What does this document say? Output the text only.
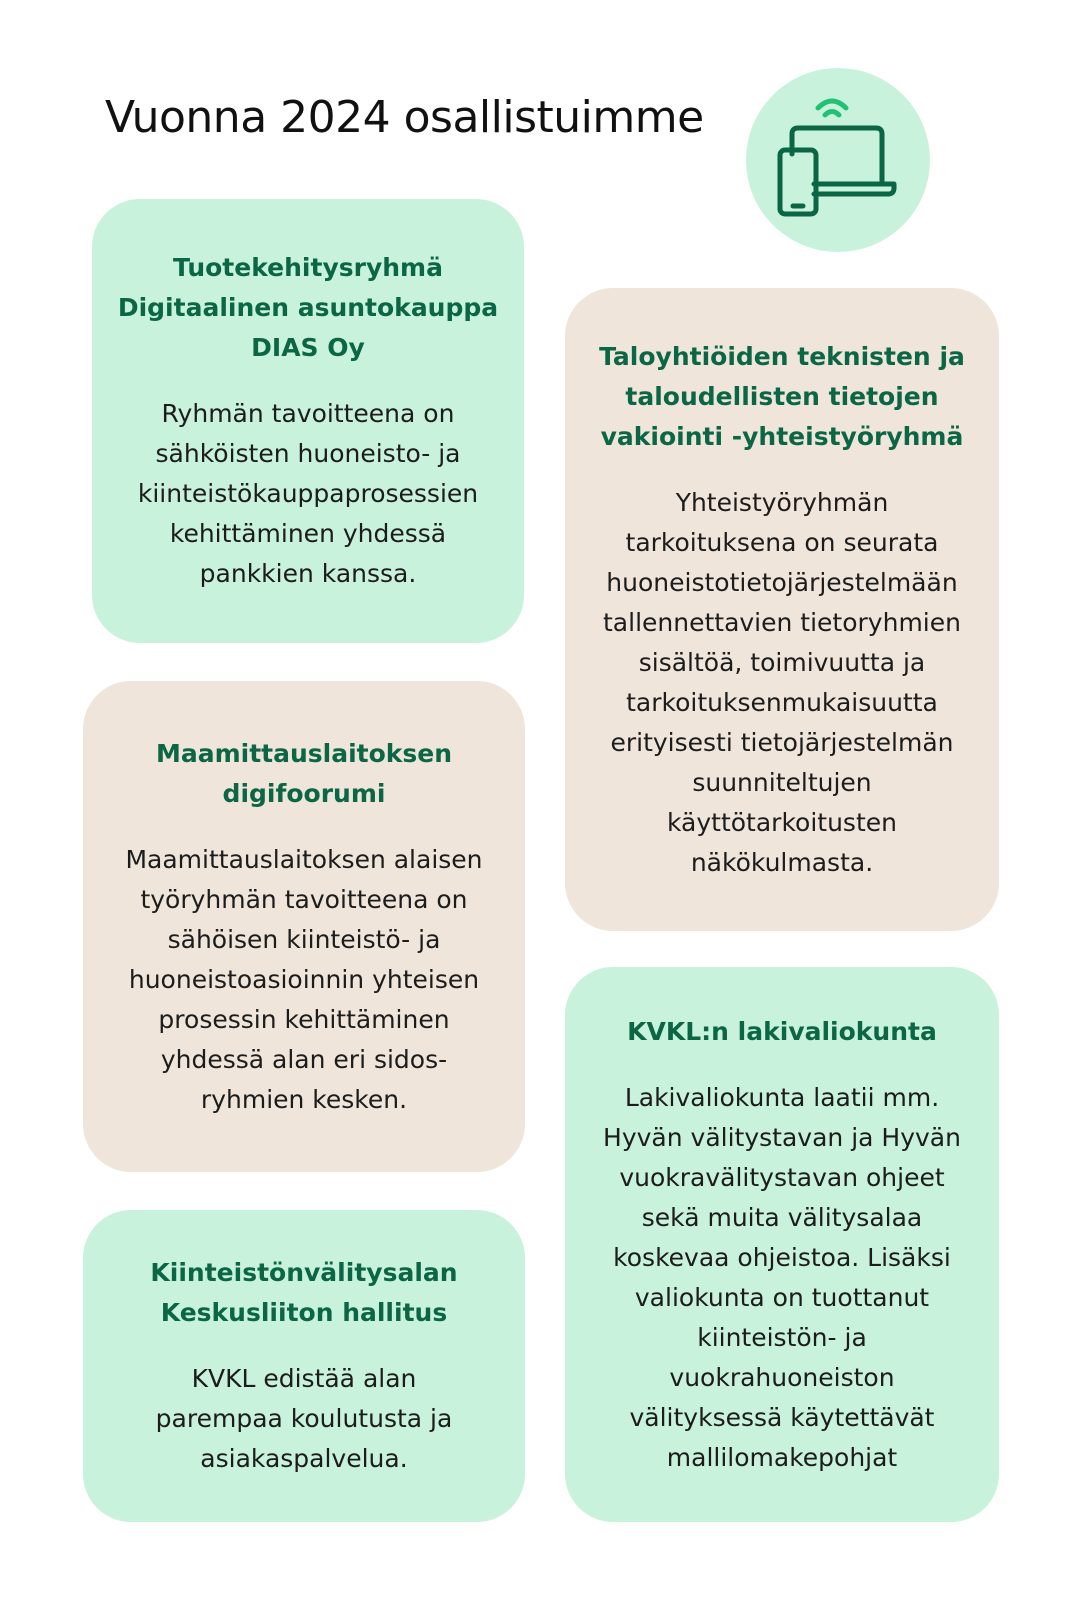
Vuonna 2024 osallistuimme
Tuotekehitysryhmä
Digitaalinen asuntokauppa
DIAS Oy

Ryhmän tavoitteena on
sähköisten huoneisto- ja
kiinteistökauppaprosessien
kehittäminen yhdessä
pankkien kanssa.

Maamittauslaitoksen
digifoorumi

Maamittauslaitoksen alaisen
työryhmän tavoitteena on
sähöisen kiinteistö- ja
huoneistoasioinnin yhteisen
prosessin kehittäminen
yhdessä alan eri sidos-
ryhmien kesken.

Kiinteistönvälitysalan
Keskusliiton hallitus

KVKL edistää alan
parempaa koulutusta ja
asiakaspalvelua.

Taloyhtiöiden teknisten ja
taloudellisten tietojen
vakiointi -yhteistyöryhmä

Yhteistyöryhmän
tarkoituksena on seurata
huoneistotietojärjestelmään
tallennettavien tietoryhmien
sisältöä, toimivuutta ja
tarkoituksenmukaisuutta
erityisesti tietojärjestelmän
suunniteltujen
käyttötarkoitusten
näkökulmasta.

KVKL:n lakivaliokunta

Lakivaliokunta laatii mm.
Hyvän välitystavan ja Hyvän
vuokravälitystavan ohjeet
sekä muita välitysalaa
koskevaa ohjeistoa. Lisäksi
valiokunta on tuottanut
kiinteistön- ja
vuokrahuoneiston
välityksessä käytettävät
mallilomakepohjat
